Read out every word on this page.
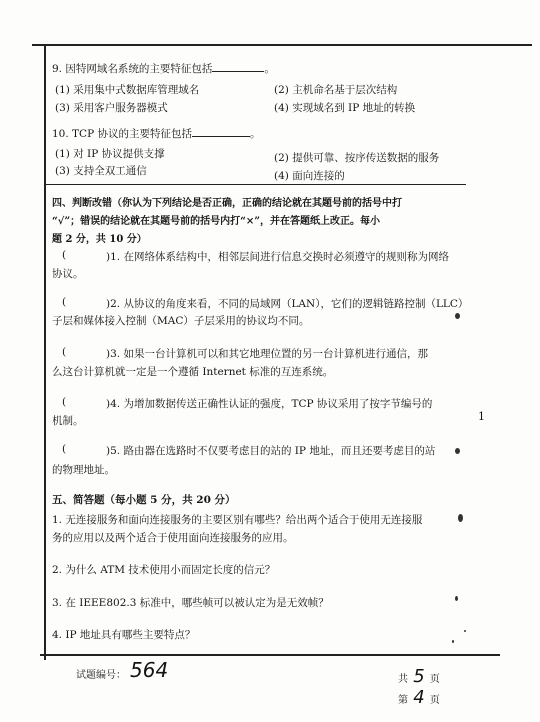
9. 因特网域名系统的主要特征包括	。
(1) 采用集中式数据库管理域名	(2) 主机命名基于层次结构
(3) 采用客户服务器模式	(4) 实现域名到 IP 地址的转换
10. TCP 协议的主要特征包括	。
(1) 对 IP 协议提供支撑	(2) 提供可靠、按序传送数据的服务
(3) 支持全双工通信	(4) 面向连接的
四、判断改错（你认为下列结论是否正确，正确的结论就在其题号前的括号中打
“√”；错误的结论就在其题号前的括号内打“×”，并在答题纸上改正。每小
题 2 分，共 10 分）
(	)1. 在网络体系结构中，相邻层间进行信息交换时必须遵守的规则称为网络
协议。
(	)2. 从协议的角度来看，不同的局域网（LAN），它们的逻辑链路控制（LLC）
子层和媒体接入控制（MAC）子层采用的协议均不同。
(	)3. 如果一台计算机可以和其它地理位置的另一台计算机进行通信，那
么这台计算机就一定是一个遵循 Internet 标准的互连系统。
(	)4. 为增加数据传送正确性认证的强度，TCP 协议采用了按字节编号的
机制。
(	)5. 路由器在选路时不仅要考虑目的站的 IP 地址，而且还要考虑目的站
的物理地址。
1
五、简答题（每小题 5 分，共 20 分）
1. 无连接服务和面向连接服务的主要区别有哪些？给出两个适合于使用无连接服
务的应用以及两个适合于使用面向连接服务的应用。
2. 为什么 ATM 技术使用小而固定长度的信元？
3. 在 IEEE802.3 标准中，哪些帧可以被认定为是无效帧？
4. IP 地址具有哪些主要特点？
试题编号： 564	共 5 页
第 4 页
